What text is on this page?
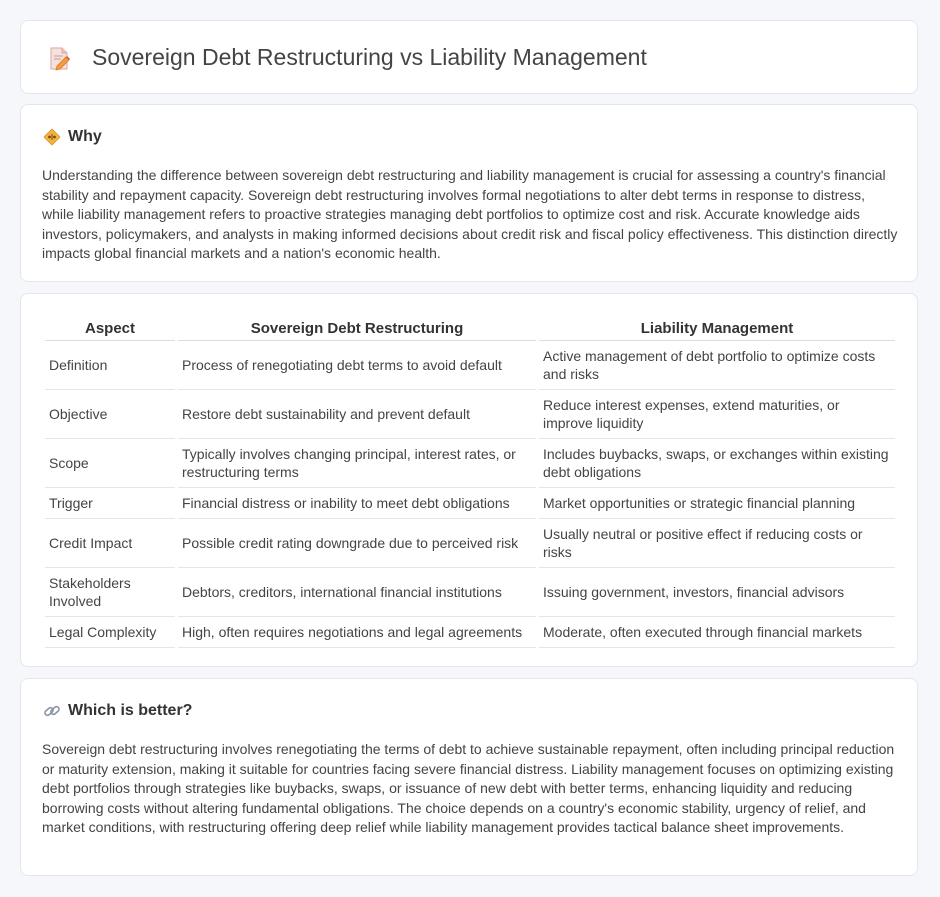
Sovereign Debt Restructuring vs Liability Management
Why

Understanding the difference between sovereign debt restructuring and liability management is crucial for assessing a country's financial stability and repayment capacity. Sovereign debt restructuring involves formal negotiations to alter debt terms in response to distress, while liability management refers to proactive strategies managing debt portfolios to optimize cost and risk. Accurate knowledge aids investors, policymakers, and analysts in making informed decisions about credit risk and fiscal policy effectiveness. This distinction directly impacts global financial markets and a nation's economic health.

Aspect	Sovereign Debt Restructuring	Liability Management
Definition	Process of renegotiating debt terms to avoid default	Active management of debt portfolio to optimize costs and risks
Objective	Restore debt sustainability and prevent default	Reduce interest expenses, extend maturities, or improve liquidity
Scope	Typically involves changing principal, interest rates, or restructuring terms	Includes buybacks, swaps, or exchanges within existing debt obligations
Trigger	Financial distress or inability to meet debt obligations	Market opportunities or strategic financial planning
Credit Impact	Possible credit rating downgrade due to perceived risk	Usually neutral or positive effect if reducing costs or risks
Stakeholders Involved	Debtors, creditors, international financial institutions	Issuing government, investors, financial advisors
Legal Complexity	High, often requires negotiations and legal agreements	Moderate, often executed through financial markets
Which is better?

Sovereign debt restructuring involves renegotiating the terms of debt to achieve sustainable repayment, often including principal reduction or maturity extension, making it suitable for countries facing severe financial distress. Liability management focuses on optimizing existing debt portfolios through strategies like buybacks, swaps, or issuance of new debt with better terms, enhancing liquidity and reducing borrowing costs without altering fundamental obligations. The choice depends on a country's economic stability, urgency of relief, and market conditions, with restructuring offering deep relief while liability management provides tactical balance sheet improvements.
